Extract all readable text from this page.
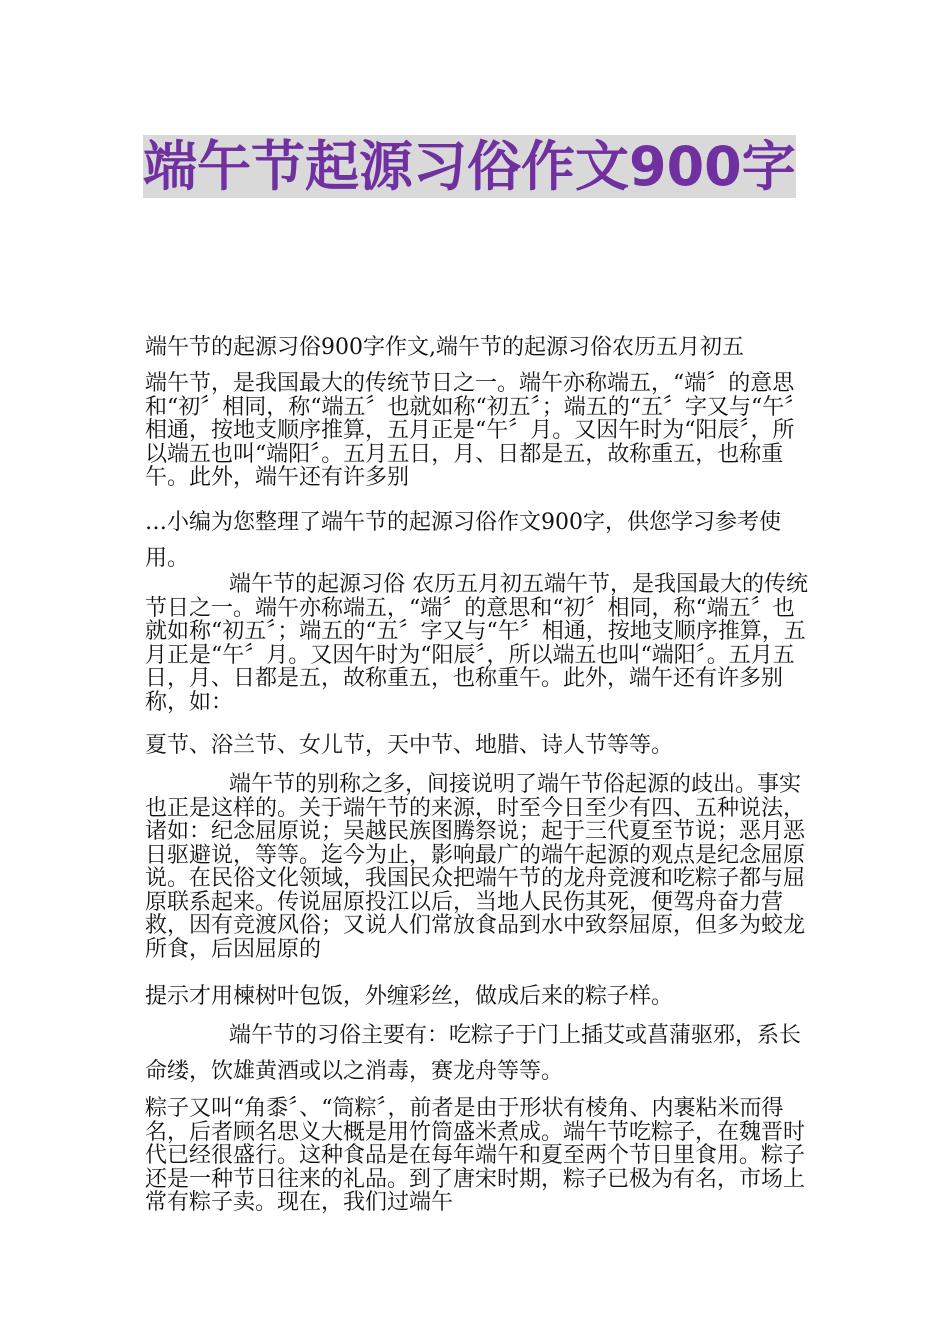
端午节起源习俗作文900字

端午节的起源习俗900字作文,端午节的起源习俗农历五月初五

端午节，是我国最大的传统节日之一。端午亦称端五，“端〞的意思和“初〞相同，称“端五〞也就如称“初五〞；端五的“五〞字又与“午〞相通，按地支顺序推算，五月正是“午〞月。又因午时为“阳辰〞，所以端五也叫“端阳〞。五月五日，月、日都是五，故称重五，也称重午。此外，端午还有许多别

…小编为您整理了端午节的起源习俗作文900字，供您学习参考使用。

端午节的起源习俗 农历五月初五端午节，是我国最大的传统节日之一。端午亦称端五，“端〞的意思和“初〞相同，称“端五〞也就如称“初五〞；端五的“五〞字又与“午〞相通，按地支顺序推算，五月正是“午〞月。又因午时为“阳辰〞，所以端五也叫“端阳〞。五月五日，月、日都是五，故称重五，也称重午。此外，端午还有许多别称，如：

夏节、浴兰节、女儿节，天中节、地腊、诗人节等等。

端午节的别称之多，间接说明了端午节俗起源的歧出。事实也正是这样的。关于端午节的来源，时至今日至少有四、五种说法，诸如：纪念屈原说；吴越民族图腾祭说；起于三代夏至节说；恶月恶日驱避说，等等。迄今为止，影响最广的端午起源的观点是纪念屈原说。在民俗文化领域，我国民众把端午节的龙舟竞渡和吃粽子都与屈原联系起来。传说屈原投江以后，当地人民伤其死，便驾舟奋力营救，因有竞渡风俗；又说人们常放食品到水中致祭屈原，但多为蛟龙所食，后因屈原的

提示才用楝树叶包饭，外缠彩丝，做成后来的粽子样。

端午节的习俗主要有：吃粽子于门上插艾或菖蒲驱邪，系长命缕，饮雄黄酒或以之消毒，赛龙舟等等。

粽子又叫“角黍〞、“筒粽〞，前者是由于形状有棱角、内裹粘米而得名，后者顾名思义大概是用竹筒盛米煮成。端午节吃粽子，在魏晋时代已经很盛行。这种食品是在每年端午和夏至两个节日里食用。粽子还是一种节日往来的礼品。到了唐宋时期，粽子已极为有名，市场上常有粽子卖。现在，我们过端午
